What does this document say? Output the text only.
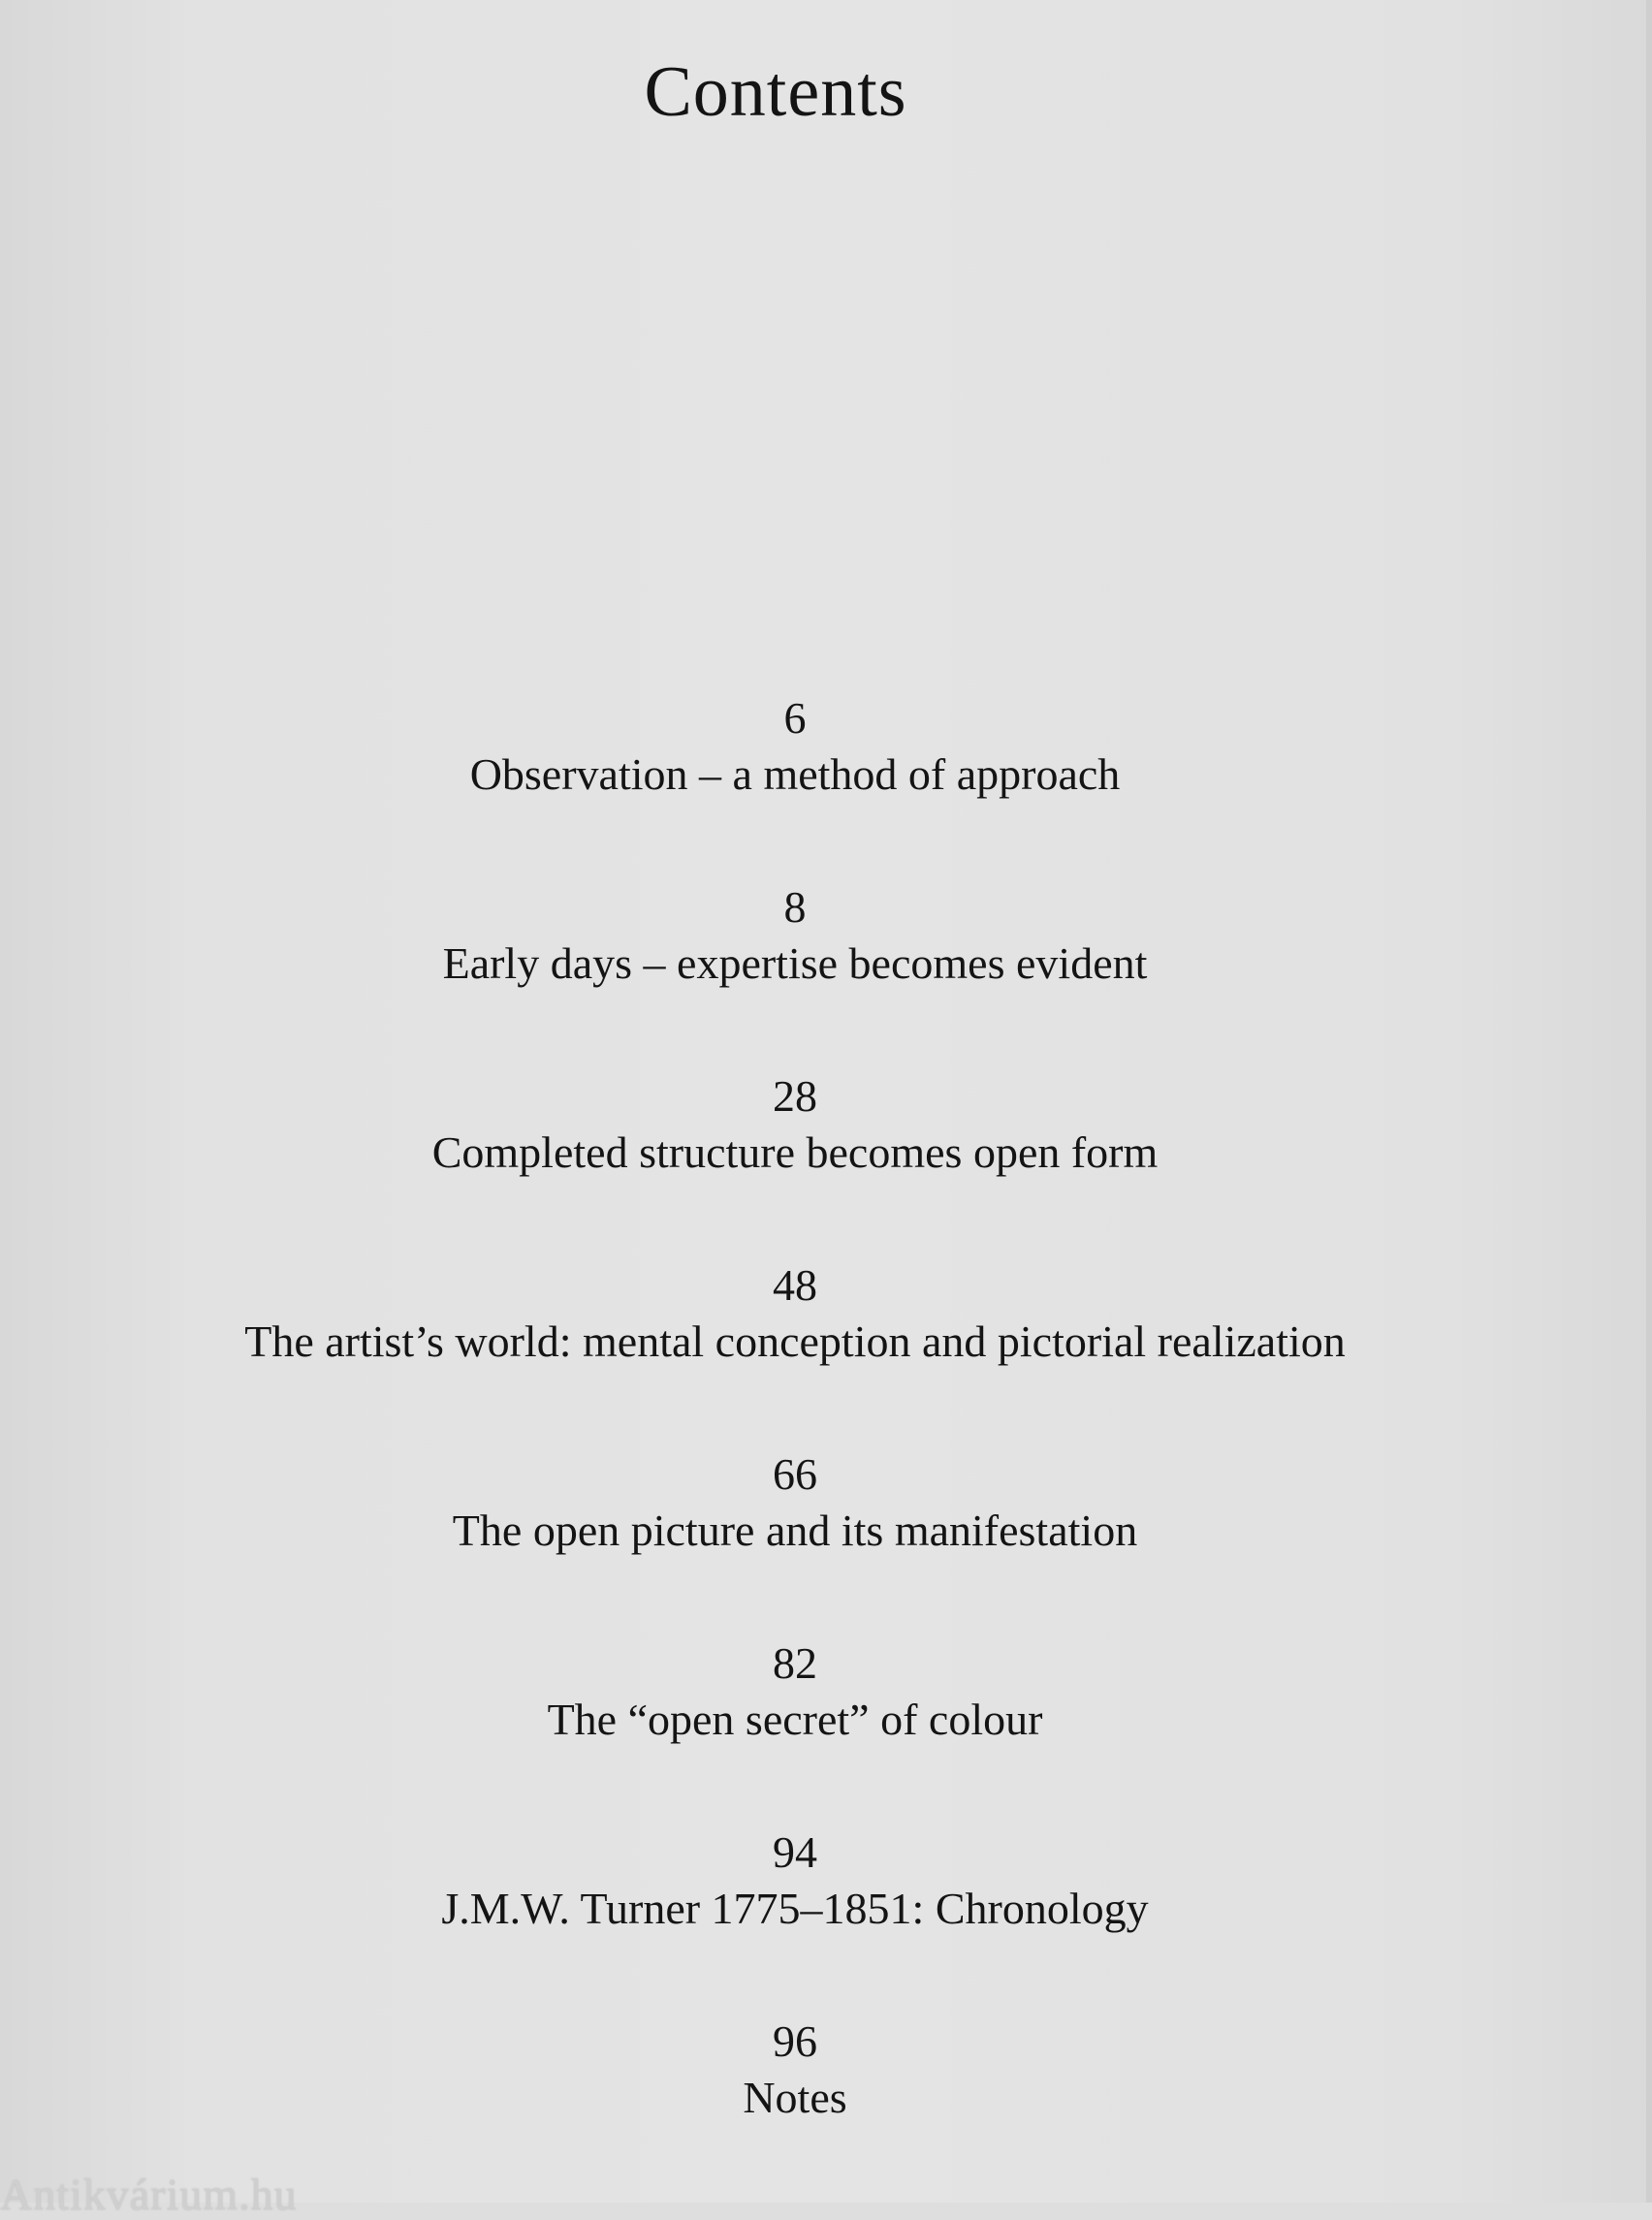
Contents
6
Observation – a method of approach
8
Early days – expertise becomes evident
28
Completed structure becomes open form
48
The artist’s world: mental conception and pictorial realization
66
The open picture and its manifestation
82
The “open secret” of colour
94
J.M.W. Turner 1775–1851: Chronology
96
Notes
Antikvárium.hu
